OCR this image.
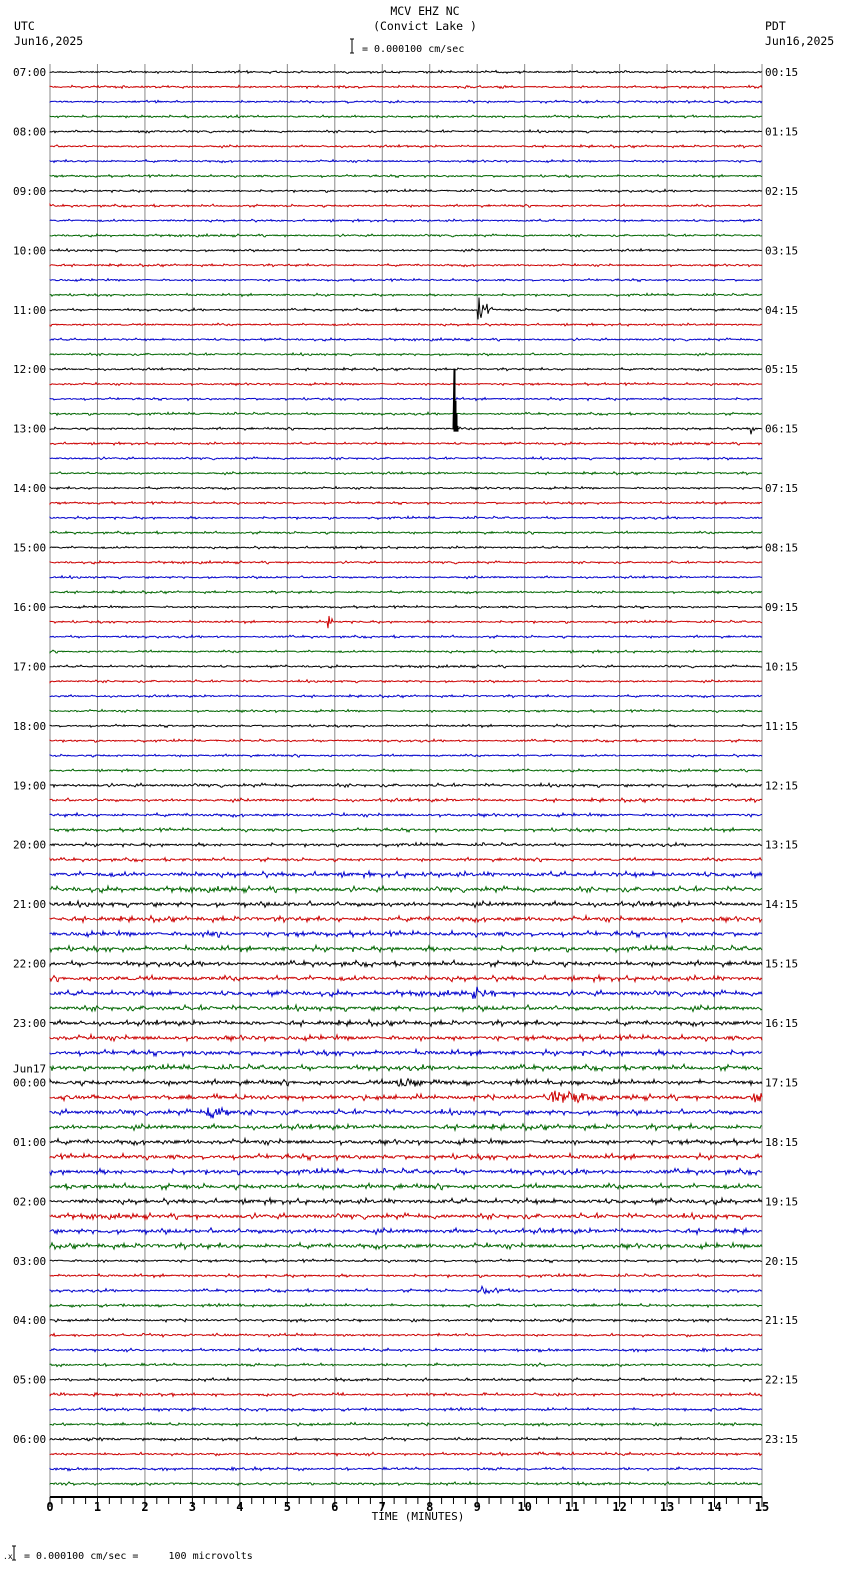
MCV EHZ NC
(Convict Lake )
UTC
Jun16,2025
PDT
Jun16,2025
= 0.000100 cm/sec
07:00
08:00
09:00
10:00
11:00
12:00
13:00
14:00
15:00
16:00
17:00
18:00
19:00
20:00
21:00
22:00
23:00
00:00
01:00
02:00
03:00
04:00
05:00
06:00
00:15
01:15
02:15
03:15
04:15
05:15
06:15
07:15
08:15
09:15
10:15
11:15
12:15
13:15
14:15
15:15
16:15
17:15
18:15
19:15
20:15
21:15
22:15
23:15
Jun17
0	1	2	3	4	5	6	7	8	9	10	11	12	13	14	15
TIME (MINUTES)
.x = 0.000100 cm/sec =     100 microvolts
